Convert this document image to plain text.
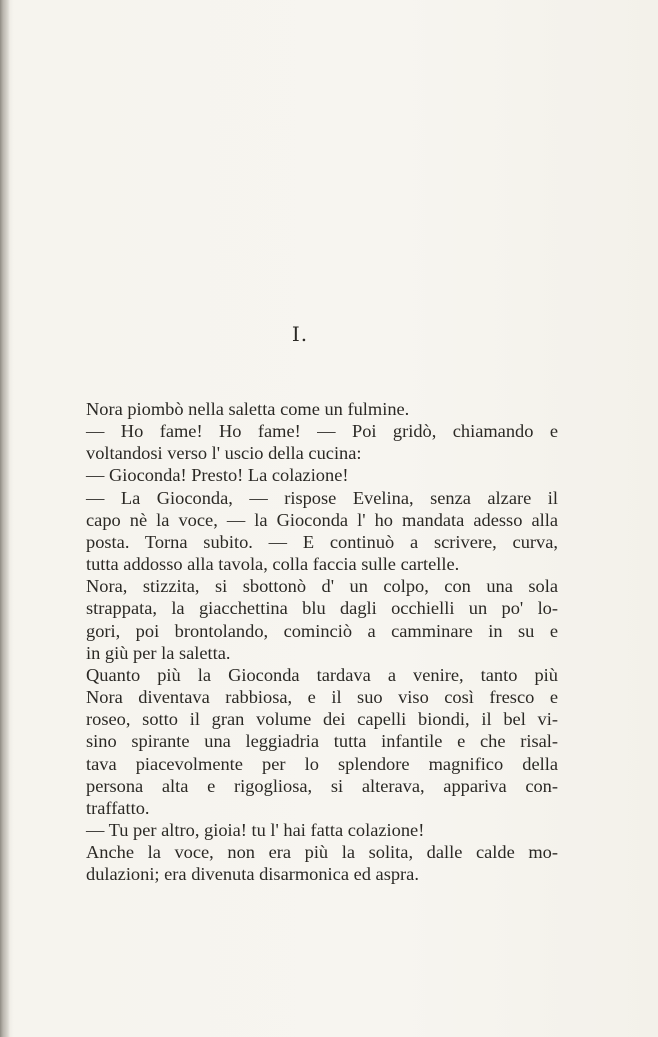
I.
Nora piombò nella saletta come un fulmine.
— Ho fame! Ho fame! — Poi gridò, chiamando e
voltandosi verso l' uscio della cucina:
— Gioconda! Presto! La colazione!
— La Gioconda, — rispose Evelina, senza alzare il
capo nè la voce, — la Gioconda l' ho mandata adesso alla
posta. Torna subito. — E continuò a scrivere, curva,
tutta addosso alla tavola, colla faccia sulle cartelle.
Nora, stizzita, si sbottonò d' un colpo, con una sola
strappata, la giacchettina blu dagli occhielli un po' lo-
gori, poi brontolando, cominciò a camminare in su e
in giù per la saletta.
Quanto più la Gioconda tardava a venire, tanto più
Nora diventava rabbiosa, e il suo viso così fresco e
roseo, sotto il gran volume dei capelli biondi, il bel vi-
sino spirante una leggiadria tutta infantile e che risal-
tava piacevolmente per lo splendore magnifico della
persona alta e rigogliosa, si alterava, appariva con-
traffatto.
— Tu per altro, gioia! tu l' hai fatta colazione!
Anche la voce, non era più la solita, dalle calde mo-
dulazioni; era divenuta disarmonica ed aspra.
